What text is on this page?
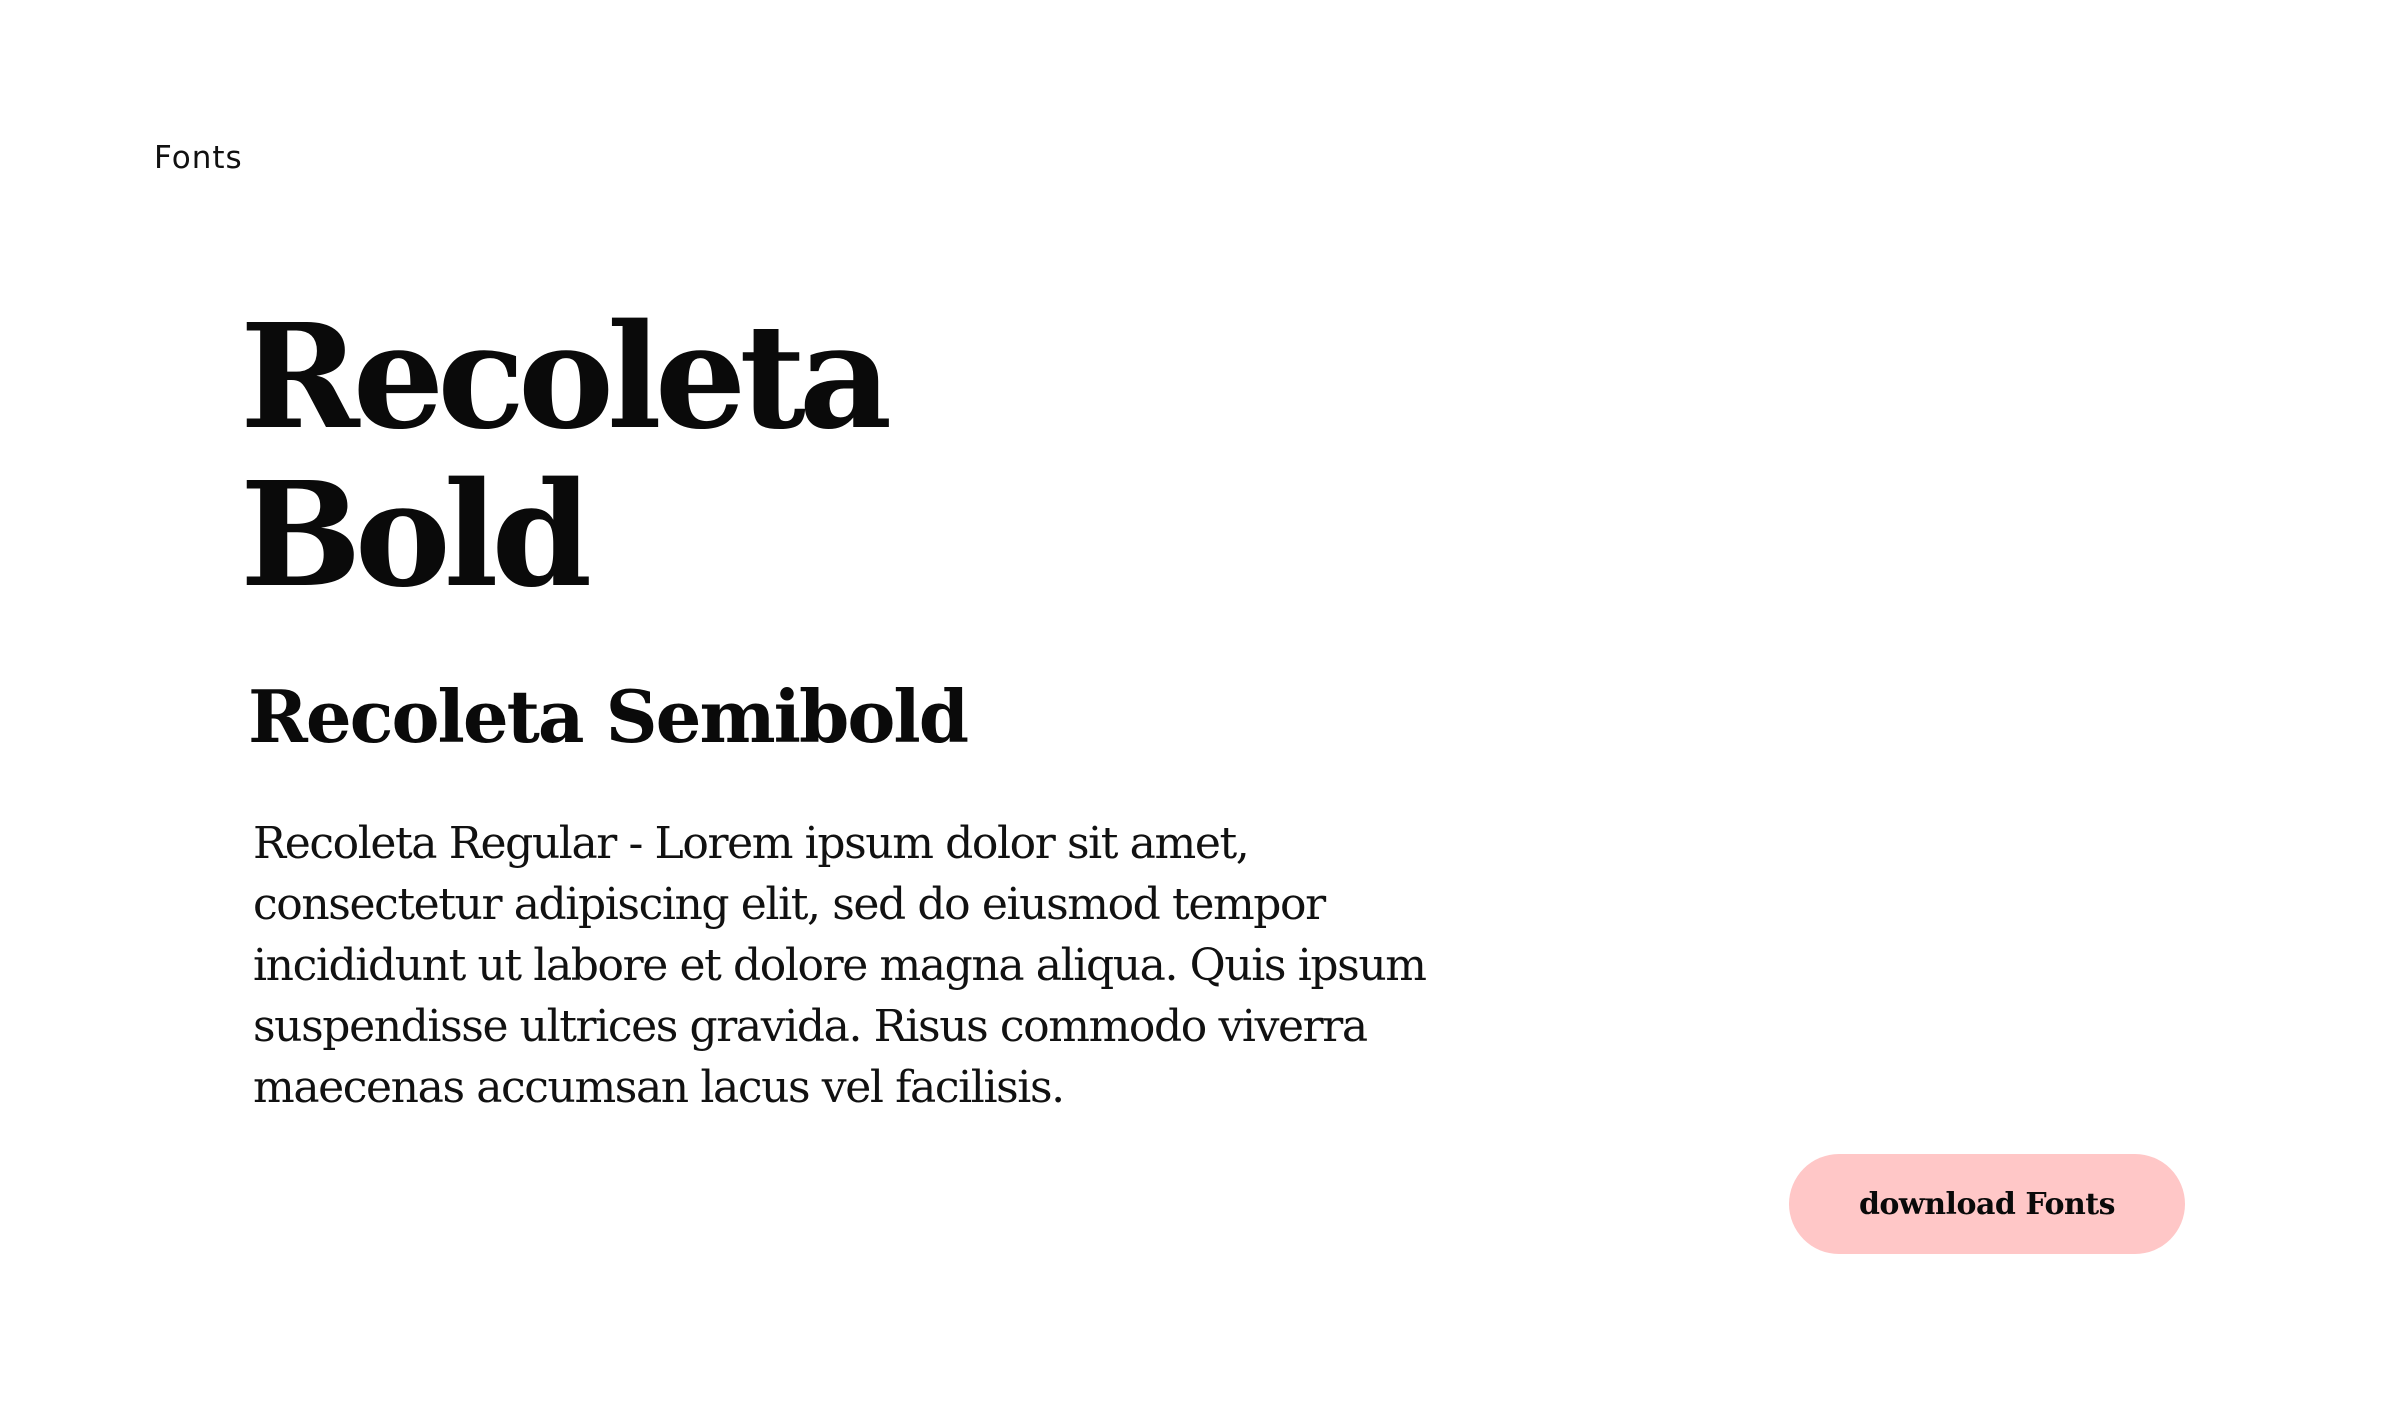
Fonts

Recoleta
Bold
Recoleta Semibold

Recoleta Regular - Lorem ipsum dolor sit amet, consectetur adipiscing elit, sed do eiusmod tempor incididunt ut labore et dolore magna aliqua. Quis ipsum suspendisse ultrices gravida. Risus commodo viverra maecenas accumsan lacus vel facilisis.

download Fonts
